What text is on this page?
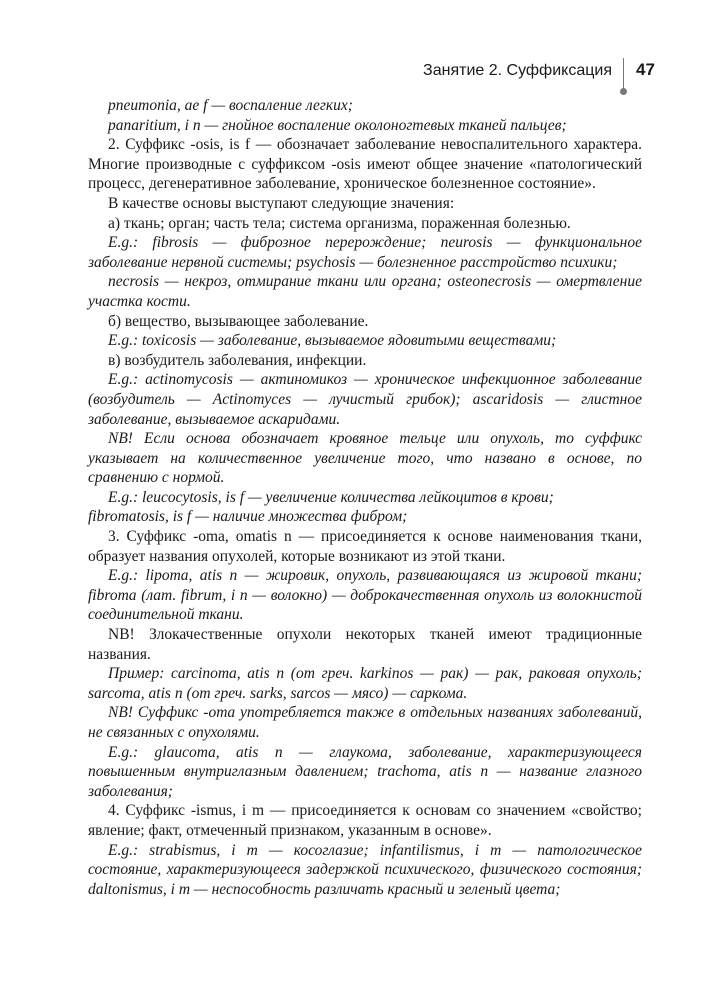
Занятие 2. Суффиксация 47

pneumonia, ae f — воспаление легких;

panaritium, i n — гнойное воспаление околоногтевых тканей пальцев;

2. Суффикс -osis, is f — обозначает заболевание невоспалительного характера. Многие производные с суффиксом -osis имеют общее значение «патологический процесс, дегенеративное заболевание, хроническое болезненное состояние».

В качестве основы выступают следующие значения:

а) ткань; орган; часть тела; система организма, пораженная болезнью.

E.g.: fibrosis — фиброзное перерождение; neurosis — функциональное заболевание нервной системы; psychosis — болезненное расстройство психики;

necrosis — некроз, отмирание ткани или органа; osteonecrosis — омертвление участка кости.

б) вещество, вызывающее заболевание.

E.g.: toxicosis — заболевание, вызываемое ядовитыми веществами;

в) возбудитель заболевания, инфекции.

E.g.: actinomycosis — актиномикоз — хроническое инфекционное заболевание (возбудитель — Actinomyces — лучистый грибок); ascaridosis — глистное заболевание, вызываемое аскаридами.

NB! Если основа обозначает кровяное тельце или опухоль, то суффикс указывает на количественное увеличение того, что названо в основе, по сравнению с нормой.

E.g.: leucocytosis, is f — увеличение количества лейкоцитов в крови;

fibromatosis, is f — наличие множества фибром;

3. Суффикс -oma, omatis n — присоединяется к основе наименования ткани, образует названия опухолей, которые возникают из этой ткани.

E.g.: lipoma, atis n — жировик, опухоль, развивающаяся из жировой ткани; fibroma (лат. fibrum, i n — волокно) — доброкачественная опухоль из волокнистой соединительной ткани.

NB! Злокачественные опухоли некоторых тканей имеют традиционные названия.

Пример: carcinoma, atis n (от греч. karkinos — рак) — рак, раковая опухоль; sarcoma, atis n (от греч. sarks, sarcos — мясо) — саркома.

NB! Суффикс -oma употребляется также в отдельных названиях заболеваний, не связанных с опухолями.

E.g.: glaucoma, atis n — глаукома, заболевание, характеризующееся повышенным внутриглазным давлением; trachoma, atis n — название глазного заболевания;

4. Суффикс -ismus, i m — присоединяется к основам со значением «свойство; явление; факт, отмеченный признаком, указанным в основе».

E.g.: strabismus, i m — косоглазие; infantilismus, i m — патологическое состояние, характеризующееся задержкой психического, физического состояния; daltonismus, i m — неспособность различать красный и зеленый цвета;
